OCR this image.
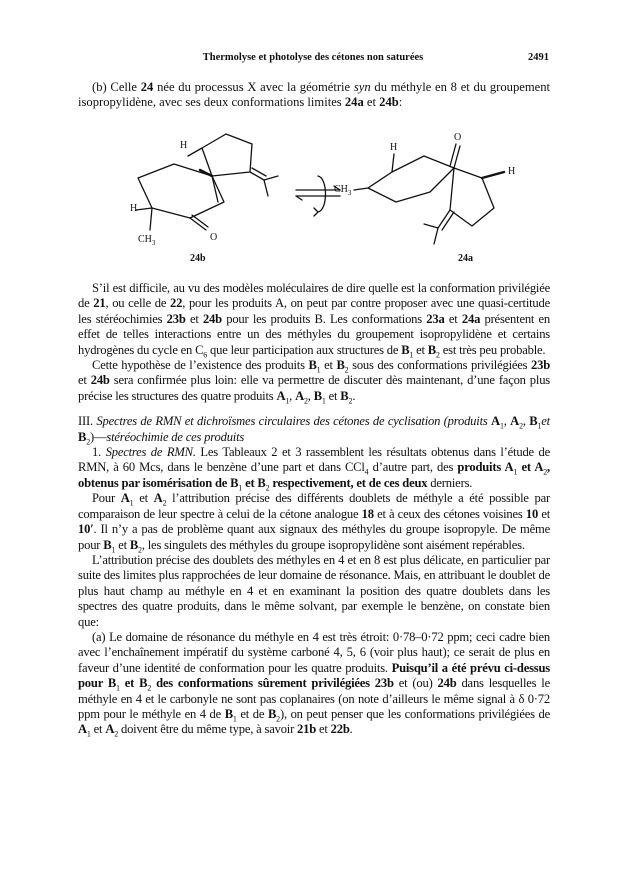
Thermolyse et photolyse des cétones non saturées	2491

(b) Celle 24 née du processus X avec la géométrie syn du méthyle en 8 et du groupement isopropylidène, avec ses deux conformations limites 24a et 24b:

H
H
O
$CH_3$
H
O
H
$CH_3$
24b	24a

S’il est difficile, au vu des modèles moléculaires de dire quelle est la conformation privilégiée de 21, ou celle de 22, pour les produits A, on peut par contre proposer avec une quasi-certitude les stéréochimies 23b et 24b pour les produits B. Les conformations 23a et 24a présentent en effet de telles interactions entre un des méthyles du groupement isopropylidène et certains hydrogènes du cycle en $C_6$ que leur participation aux structures de $B_1$ et $B_2$ est très peu probable.

Cette hypothèse de l’existence des produits $B_1$ et $B_2$ sous des conformations privilégiées 23b et 24b sera confirmée plus loin: elle va permettre de discuter dès maintenant, d’une façon plus précise les structures des quatre produits $A_1$, $A_2$, $B_1$ et $B_2$.

III. Spectres de RMN et dichroïsmes circulaires des cétones de cyclisation (produits $A_1$, $A_2$, $B_1et$ $B_2)—stéréochimie$ de ces produits

1. Spectres de RMN. Les Tableaux 2 et 3 rassemblent les résultats obtenus dans l’étude de RMN, à 60 Mcs, dans le benzène d’une part et dans CCl$_4$ d’autre part, des produits $A_1$ et $A_2$, obtenus par isomérisation de $B_1$ et $B_2$ respectivement, et de ces deux derniers.

Pour $A_1$ et $A_2$ l’attribution précise des différents doublets de méthyle a été possible par comparaison de leur spectre à celui de la cétone analogue 18 et à ceux des cétones voisines 10 et 10′. Il n’y a pas de problème quant aux signaux des méthyles du groupe isopropyle. De même pour $B_1$ et $B_2$, les singulets des méthyles du groupe isopropylidène sont aisément repérables.

L’attribution précise des doublets des méthyles en 4 et en 8 est plus délicate, en particulier par suite des limites plus rapprochées de leur domaine de résonance. Mais, en attribuant le doublet de plus haut champ au méthyle en 4 et en examinant la position des quatre doublets dans les spectres des quatre produits, dans le même solvant, par exemple le benzène, on constate bien que:

(a) Le domaine de résonance du méthyle en 4 est très étroit: 0·78–0·72 ppm; ceci cadre bien avec l’enchaînement impératif du système carboné 4, 5, 6 (voir plus haut); ce serait de plus en faveur d’une identité de conformation pour les quatre produits. Puisqu’il a été prévu ci-dessus pour $B_1$ et $B_2$ des conformations sûrement privilégiées 23b et (ou) 24b dans lesquelles le méthyle en 4 et le carbonyle ne sont pas coplanaires (on note d’ailleurs le même signal à δ 0·72 ppm pour le méthyle en 4 de $B_1$ et de $B_2$), on peut penser que les conformations privilégiées de $A_1$ et $A_2$ doivent être du même type, à savoir 21b et 22b.
